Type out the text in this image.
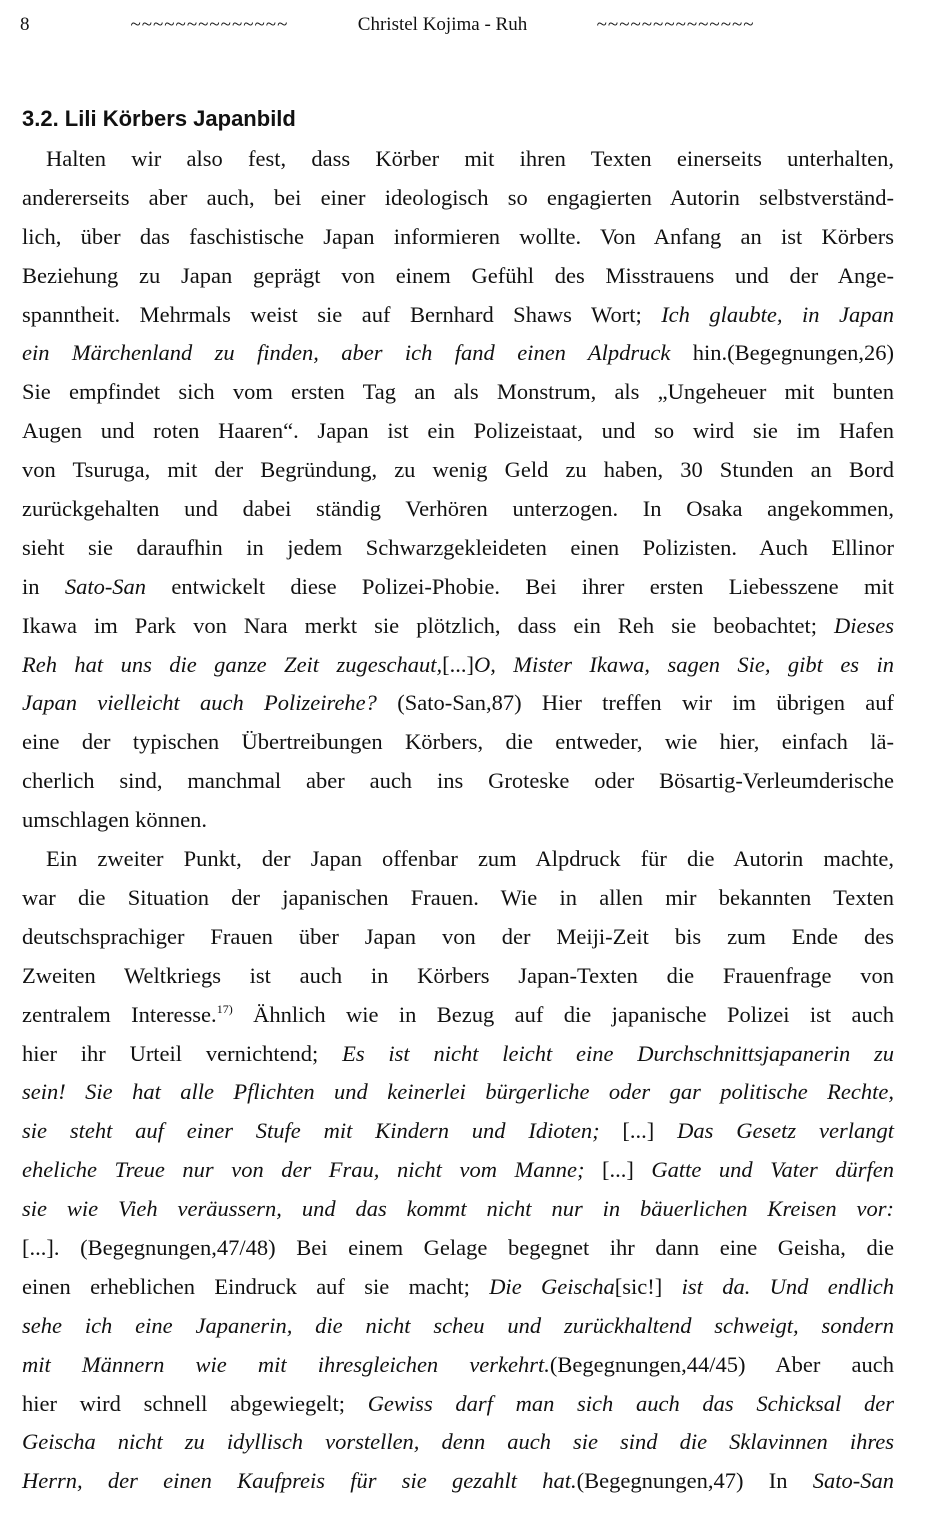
8	~~~~~~~~~~~~~~	Christel Kojima - Ruh	~~~~~~~~~~~~~~
3.2. Lili Körbers Japanbild
Halten wir also fest, dass Körber mit ihren Texten einerseits unterhalten,
andererseits aber auch, bei einer ideologisch so engagierten Autorin selbstverständ-
lich, über das faschistische Japan informieren wollte. Von Anfang an ist Körbers
Beziehung zu Japan geprägt von einem Gefühl des Misstrauens und der Ange-
spanntheit. Mehrmals weist sie auf Bernhard Shaws Wort; Ich glaubte, in Japan
ein Märchenland zu finden, aber ich fand einen Alpdruck hin.(Begegnungen,26)
Sie empfindet sich vom ersten Tag an als Monstrum, als „Ungeheuer mit bunten
Augen und roten Haaren“. Japan ist ein Polizeistaat, und so wird sie im Hafen
von Tsuruga, mit der Begründung, zu wenig Geld zu haben, 30 Stunden an Bord
zurückgehalten und dabei ständig Verhören unterzogen. In Osaka angekommen,
sieht sie daraufhin in jedem Schwarzgekleideten einen Polizisten. Auch Ellinor
in Sato-San entwickelt diese Polizei-Phobie. Bei ihrer ersten Liebesszene mit
Ikawa im Park von Nara merkt sie plötzlich, dass ein Reh sie beobachtet; Dieses
Reh hat uns die ganze Zeit zugeschaut,[...]O, Mister Ikawa, sagen Sie, gibt es in
Japan vielleicht auch Polizeirehe? (Sato-San,87) Hier treffen wir im übrigen auf
eine der typischen Übertreibungen Körbers, die entweder, wie hier, einfach lä-
cherlich sind, manchmal aber auch ins Groteske oder Bösartig-Verleumderische
umschlagen können.
Ein zweiter Punkt, der Japan offenbar zum Alpdruck für die Autorin machte,
war die Situation der japanischen Frauen. Wie in allen mir bekannten Texten
deutschsprachiger Frauen über Japan von der Meiji-Zeit bis zum Ende des
Zweiten Weltkriegs ist auch in Körbers Japan-Texten die Frauenfrage von
zentralem Interesse.$^{17)}$ Ähnlich wie in Bezug auf die japanische Polizei ist auch
hier ihr Urteil vernichtend; Es ist nicht leicht eine Durchschnittsjapanerin zu
sein! Sie hat alle Pflichten und keinerlei bürgerliche oder gar politische Rechte,
sie steht auf einer Stufe mit Kindern und Idioten; [...] Das Gesetz verlangt
eheliche Treue nur von der Frau, nicht vom Manne; [...] Gatte und Vater dürfen
sie wie Vieh veräussern, und das kommt nicht nur in bäuerlichen Kreisen vor:
[...]. (Begegnungen,47/48) Bei einem Gelage begegnet ihr dann eine Geisha, die
einen erheblichen Eindruck auf sie macht; Die Geischa[sic!] ist da. Und endlich
sehe ich eine Japanerin, die nicht scheu und zurückhaltend schweigt, sondern
mit Männern wie mit ihresgleichen verkehrt.(Begegnungen,44/45) Aber auch
hier wird schnell abgewiegelt; Gewiss darf man sich auch das Schicksal der
Geischa nicht zu idyllisch vorstellen, denn auch sie sind die Sklavinnen ihres
Herrn, der einen Kaufpreis für sie gezahlt hat.(Begegnungen,47) In Sato-San
